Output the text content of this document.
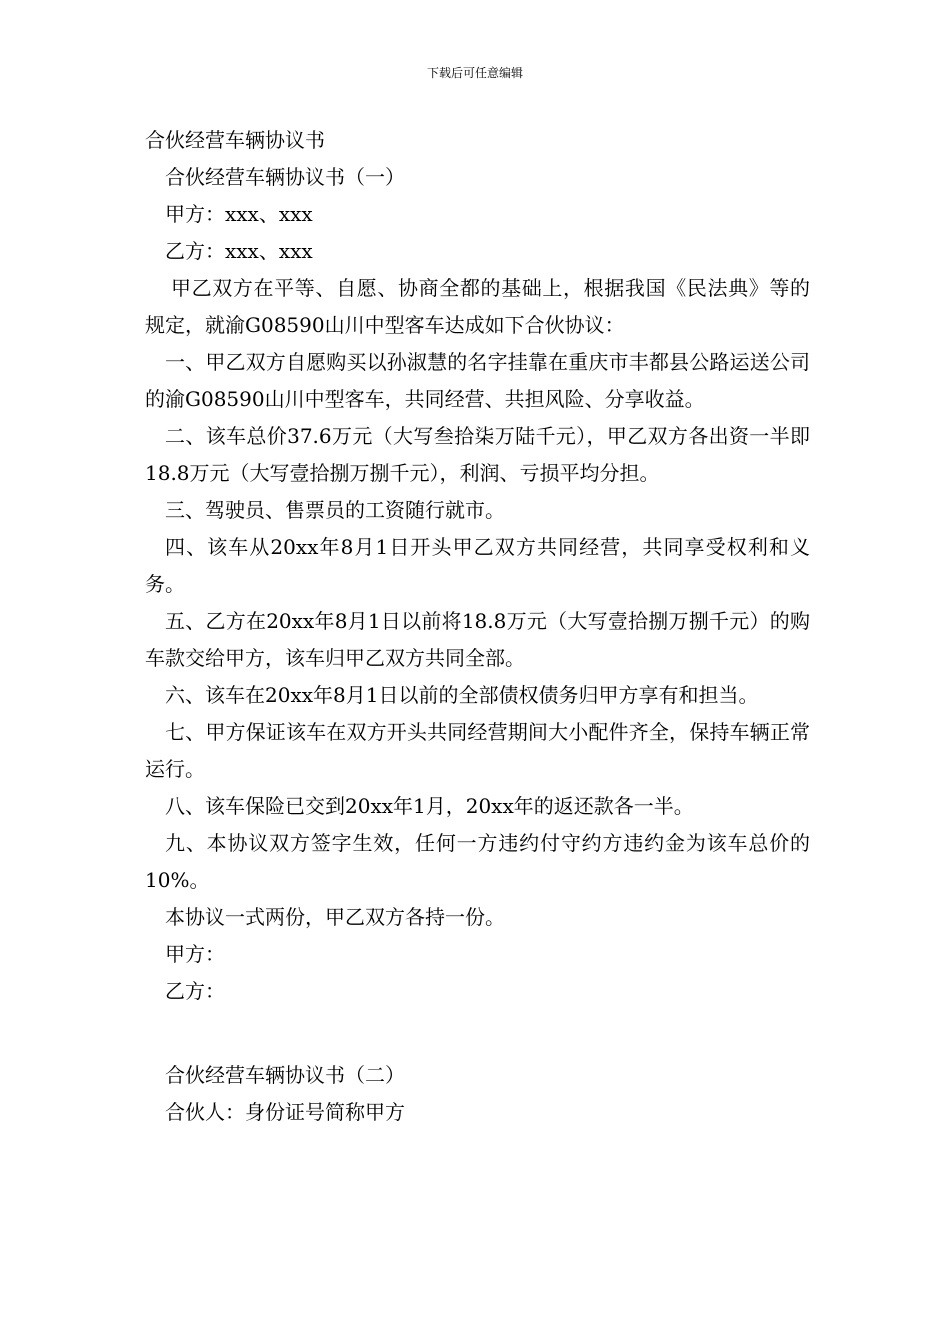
下载后可任意编辑

合伙经营车辆协议书

合伙经营车辆协议书（一）

甲方：xxx、xxx

乙方：xxx、xxx

甲乙双方在平等、自愿、协商全都的基础上，根据我国《民法典》等的规定，就渝G08590山川中型客车达成如下合伙协议：

一、甲乙双方自愿购买以孙淑慧的名字挂靠在重庆市丰都县公路运送公司的渝G08590山川中型客车，共同经营、共担风险、分享收益。

二、该车总价37.6万元（大写叁拾柒万陆千元），甲乙双方各出资一半即18.8万元（大写壹拾捌万捌千元），利润、亏损平均分担。

三、驾驶员、售票员的工资随行就市。

四、该车从20xx年8月1日开头甲乙双方共同经营，共同享受权利和义务。

五、乙方在20xx年8月1日以前将18.8万元（大写壹拾捌万捌千元）的购车款交给甲方，该车归甲乙双方共同全部。

六、该车在20xx年8月1日以前的全部债权债务归甲方享有和担当。

七、甲方保证该车在双方开头共同经营期间大小配件齐全，保持车辆正常运行。

八、该车保险已交到20xx年1月，20xx年的返还款各一半。

九、本协议双方签字生效，任何一方违约付守约方违约金为该车总价的10%。

本协议一式两份，甲乙双方各持一份。

甲方：

乙方：

合伙经营车辆协议书（二）

合伙人：身份证号简称甲方
